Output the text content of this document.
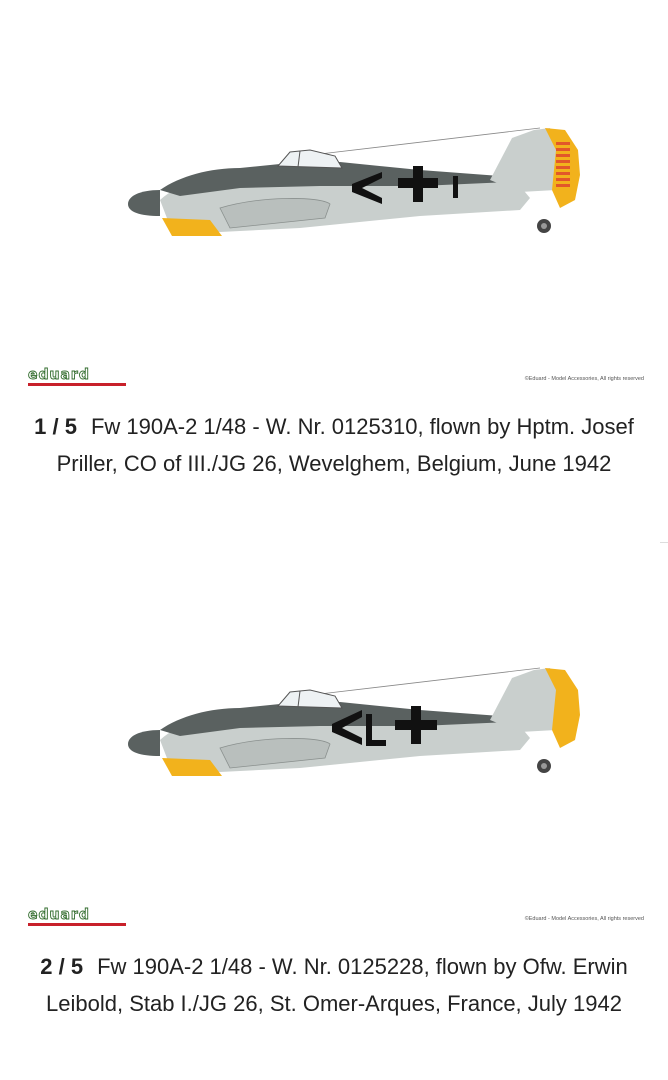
eduard	©Eduard - Model Accessories, All rights reserved
1 / 5 Fw 190A-2 1/48 - W. Nr. 0125310, flown by Hptm. Josef Priller, CO of III./JG 26, Wevelghem, Belgium, June 1942
eduard	©Eduard - Model Accessories, All rights reserved
2 / 5 Fw 190A-2 1/48 - W. Nr. 0125228, flown by Ofw. Erwin Leibold, Stab I./JG 26, St. Omer-Arques, France, July 1942
